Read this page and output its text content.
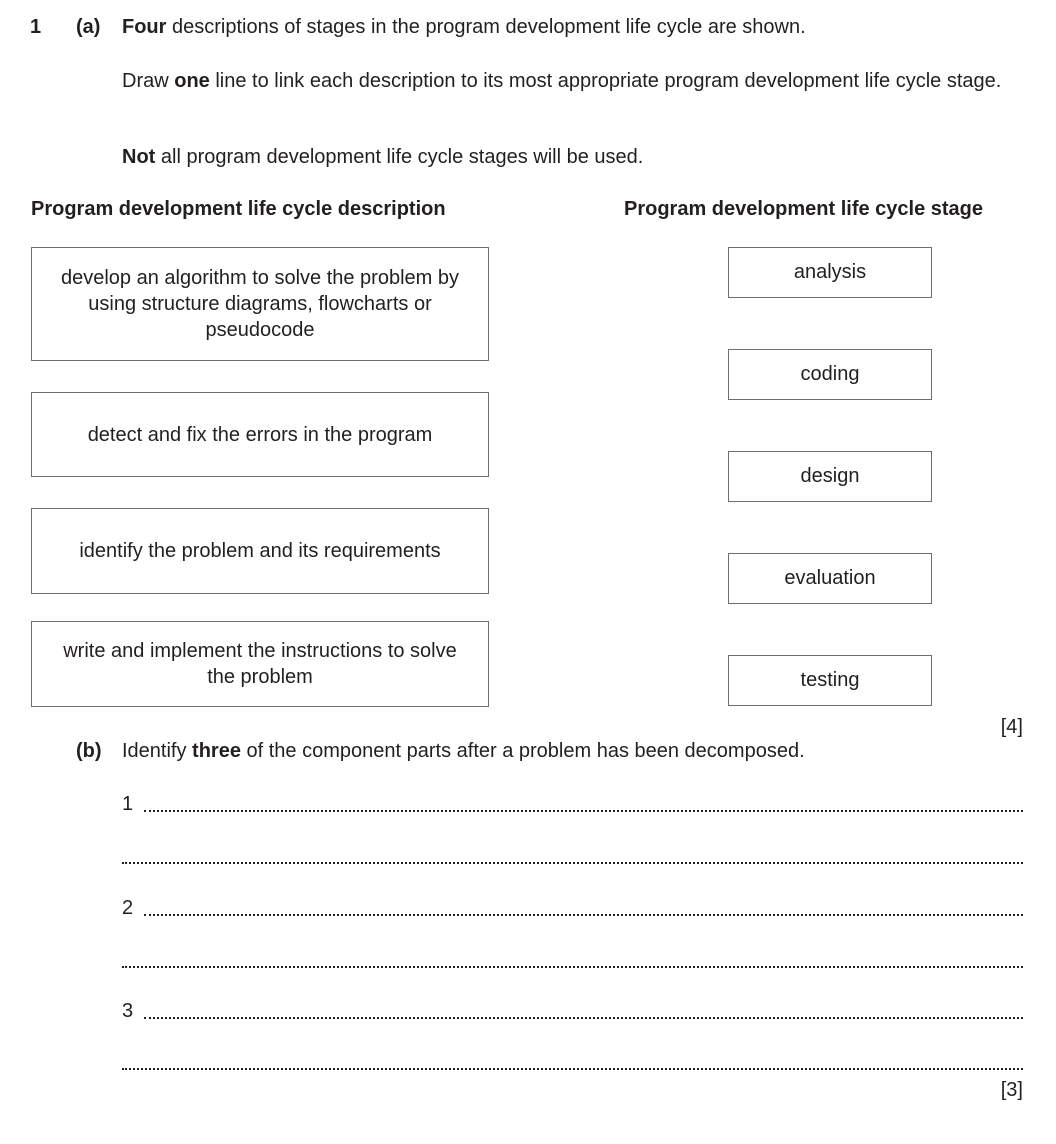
1 (a) Four descriptions of stages in the program development life cycle are shown.
Draw one line to link each description to its most appropriate program development life cycle stage.
Not all program development life cycle stages will be used.
Program development life cycle description	Program development life cycle stage
develop an algorithm to solve the problem by using structure diagrams, flowcharts or pseudocode
detect and fix the errors in the program
identify the problem and its requirements
write and implement the instructions to solve the problem
analysis
coding
design
evaluation
testing
[4]
(b) Identify three of the component parts after a problem has been decomposed.
1
2
3
[3]
